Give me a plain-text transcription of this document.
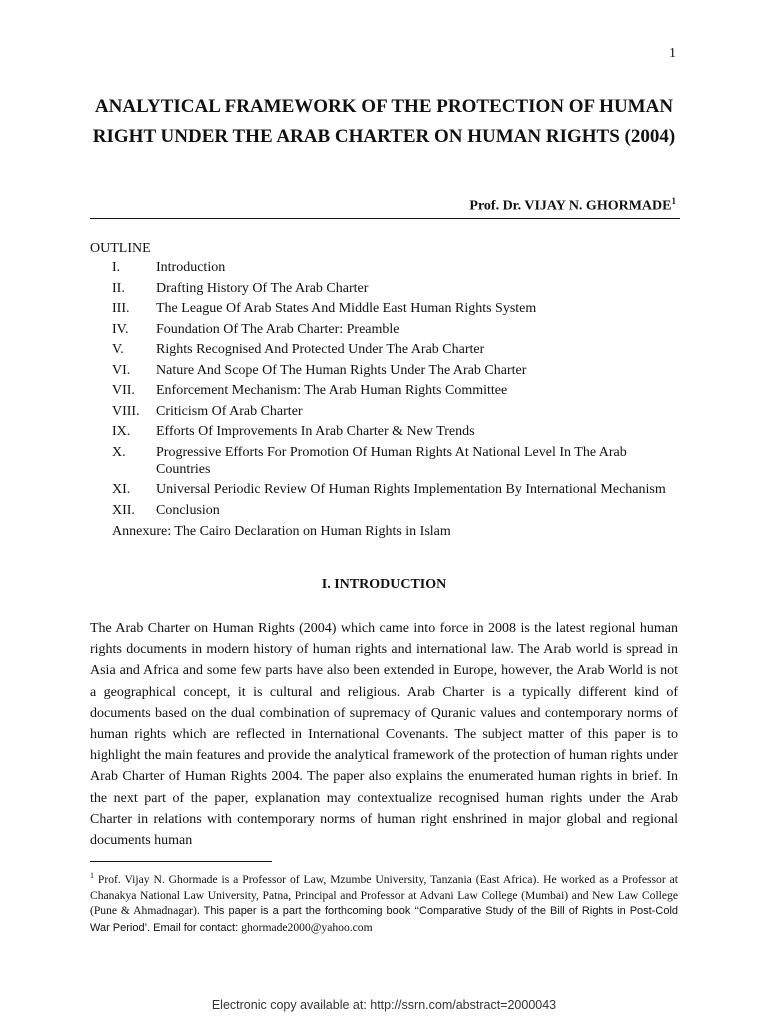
1
ANALYTICAL FRAMEWORK OF THE PROTECTION OF HUMAN RIGHT UNDER THE ARAB CHARTER ON HUMAN RIGHTS (2004)
Prof. Dr. VIJAY N. GHORMADE$^1$
OUTLINE
I.	Introduction
II.	Drafting History Of The Arab Charter
III.	The League Of Arab States And Middle East Human Rights System
IV.	Foundation Of The Arab Charter: Preamble
V.	Rights Recognised And Protected Under The Arab Charter
VI.	Nature And Scope Of The Human Rights Under The Arab Charter
VII.	Enforcement Mechanism: The Arab Human Rights Committee
VIII.	Criticism Of Arab Charter
IX.	Efforts Of Improvements In Arab Charter & New Trends
X.	Progressive Efforts For Promotion Of Human Rights At National Level In The Arab Countries
XI.	Universal Periodic Review Of Human Rights Implementation By International Mechanism
XII.	Conclusion
Annexure: The Cairo Declaration on Human Rights in Islam
I. INTRODUCTION

The Arab Charter on Human Rights (2004) which came into force in 2008 is the latest regional human rights documents in modern history of human rights and international law. The Arab world is spread in Asia and Africa and some few parts have also been extended in Europe, however, the Arab World is not a geographical concept, it is cultural and religious. Arab Charter is a typically different kind of documents based on the dual combination of supremacy of Quranic values and contemporary norms of human rights which are reflected in International Covenants. The subject matter of this paper is to highlight the main features and provide the analytical framework of the protection of human rights under Arab Charter of Human Rights 2004. The paper also explains the enumerated human rights in brief. In the next part of the paper, explanation may contextualize recognised human rights under the Arab Charter in relations with contemporary norms of human right enshrined in major global and regional documents human

$^1$ Prof. Vijay N. Ghormade is a Professor of Law, Mzumbe University, Tanzania (East Africa). He worked as a Professor at Chanakya National Law University, Patna, Principal and Professor at Advani Law College (Mumbai) and New Law College (Pune & Ahmadnagar). This paper is a part the forthcoming book ‘‘Comparative Study of the Bill of Rights in Post-Cold War Period’. Email for contact: ghormade2000@yahoo.com
Electronic copy available at: http://ssrn.com/abstract=2000043
